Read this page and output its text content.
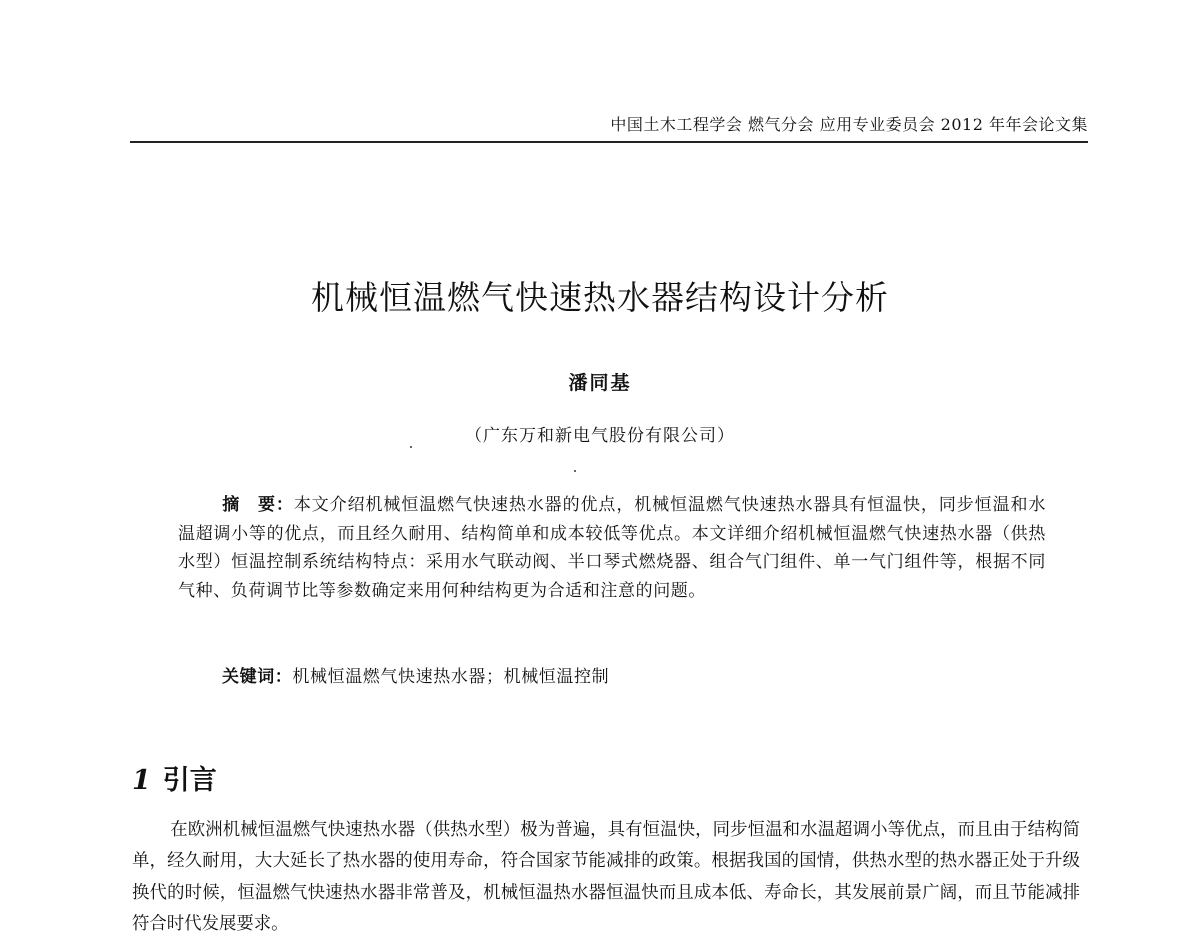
中国土木工程学会 燃气分会 应用专业委员会 2012 年年会论文集
机械恒温燃气快速热水器结构设计分析
潘同基
（广东万和新电气股份有限公司）

摘　要：本文介绍机械恒温燃气快速热水器的优点，机械恒温燃气快速热水器具有恒温快，同步恒温和水温超调小等的优点，而且经久耐用、结构简单和成本较低等优点。本文详细介绍机械恒温燃气快速热水器（供热水型）恒温控制系统结构特点：采用水气联动阀、半口琴式燃烧器、组合气门组件、单一气门组件等，根据不同气种、负荷调节比等参数确定来用何种结构更为合适和注意的问题。

关键词：机械恒温燃气快速热水器；机械恒温控制
1 引言

在欧洲机械恒温燃气快速热水器（供热水型）极为普遍，具有恒温快，同步恒温和水温超调小等优点，而且由于结构简单，经久耐用，大大延长了热水器的使用寿命，符合国家节能减排的政策。根据我国的国情，供热水型的热水器正处于升级换代的时候，恒温燃气快速热水器非常普及，机械恒温热水器恒温快而且成本低、寿命长，其发展前景广阔，而且节能减排符合时代发展要求。
